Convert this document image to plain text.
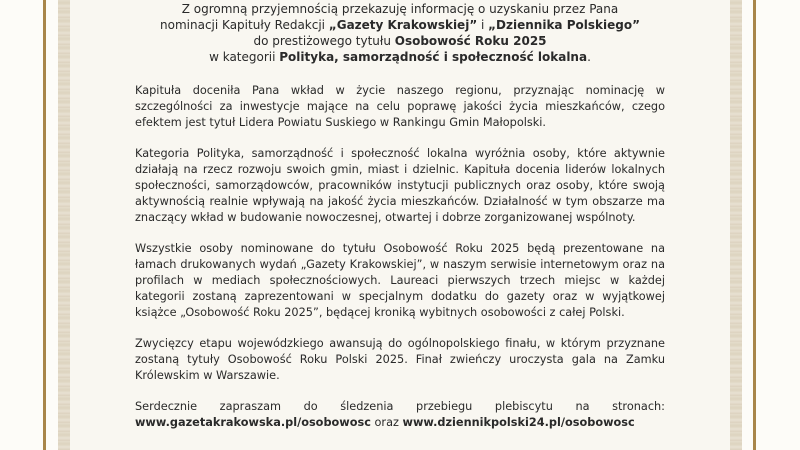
Z ogromną przyjemnością przekazuję informację o uzyskaniu przez Pana nominacji Kapituły Redakcji „Gazety Krakowskiej” i „Dziennika Polskiego” do prestiżowego tytułu Osobowość Roku 2025
w kategorii Polityka, samorządność i społeczność lokalna.

Kapituła doceniła Pana wkład w życie naszego regionu, przyznając nominację w szczególności za inwestycje mające na celu poprawę jakości życia mieszkańców, czego efektem jest tytuł Lidera Powiatu Suskiego w Rankingu Gmin Małopolski.

Kategoria Polityka, samorządność i społeczność lokalna wyróżnia osoby, które aktywnie działają na rzecz rozwoju swoich gmin, miast i dzielnic. Kapituła docenia liderów lokalnych społeczności, samorządowców, pracowników instytucji publicznych oraz osoby, które swoją aktywnością realnie wpływają na jakość życia mieszkańców. Działalność w tym obszarze ma znaczący wkład w budowanie nowoczesnej, otwartej i dobrze zorganizowanej wspólnoty.

Wszystkie osoby nominowane do tytułu Osobowość Roku 2025 będą prezentowane na łamach drukowanych wydań „Gazety Krakowskiej”, w naszym serwisie internetowym oraz na profilach w mediach społecznościowych. Laureaci pierwszych trzech miejsc w każdej kategorii zostaną zaprezentowani w specjalnym dodatku do gazety oraz w wyjątkowej książce „Osobowość Roku 2025”, będącej kroniką wybitnych osobowości z całej Polski.

Zwycięzcy etapu wojewódzkiego awansują do ogólnopolskiego finału, w którym przyznane zostaną tytuły Osobowość Roku Polski 2025. Finał zwieńczy uroczysta gala na Zamku Królewskim w Warszawie.

Serdecznie zapraszam do śledzenia przebiegu plebiscytu na stronach: www.gazetakrakowska.pl/osobowosc oraz www.dziennikpolski24.pl/osobowosc
